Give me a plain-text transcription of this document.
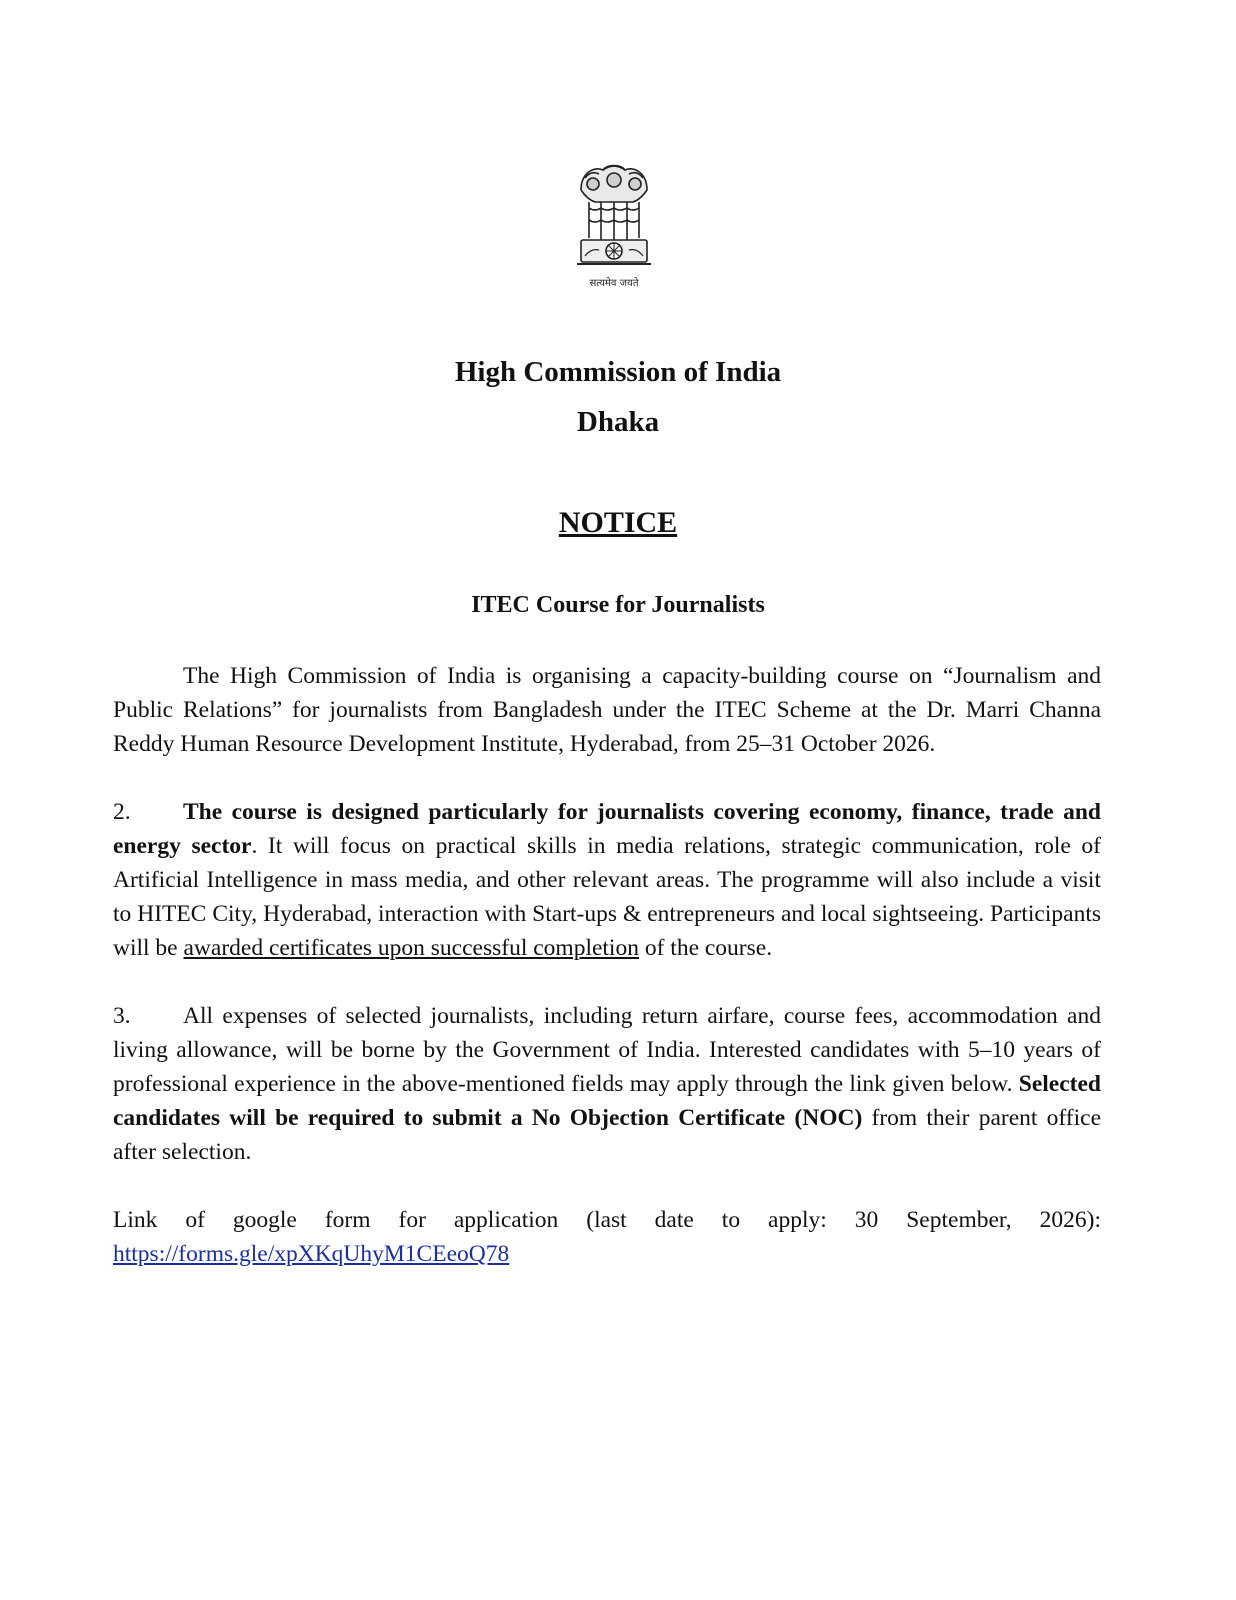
सत्यमेव जयते
High Commission of India
Dhaka
NOTICE
ITEC Course for Journalists

The High Commission of India is organising a capacity-building course on “Journalism and Public Relations” for journalists from Bangladesh under the ITEC Scheme at the Dr. Marri Channa Reddy Human Resource Development Institute, Hyderabad, from 25–31 October 2026.

2. The course is designed particularly for journalists covering economy, finance, trade and energy sector. It will focus on practical skills in media relations, strategic communication, role of Artificial Intelligence in mass media, and other relevant areas. The programme will also include a visit to HITEC City, Hyderabad, interaction with Start-ups & entrepreneurs and local sightseeing. Participants will be awarded certificates upon successful completion of the course.

3. All expenses of selected journalists, including return airfare, course fees, accommodation and living allowance, will be borne by the Government of India. Interested candidates with 5–10 years of professional experience in the above-mentioned fields may apply through the link given below. Selected candidates will be required to submit a No Objection Certificate (NOC) from their parent office after selection.

Link of google form for application (last date to apply: 30 September, 2026): https://forms.gle/xpXKqUhyM1CEeoQ78
